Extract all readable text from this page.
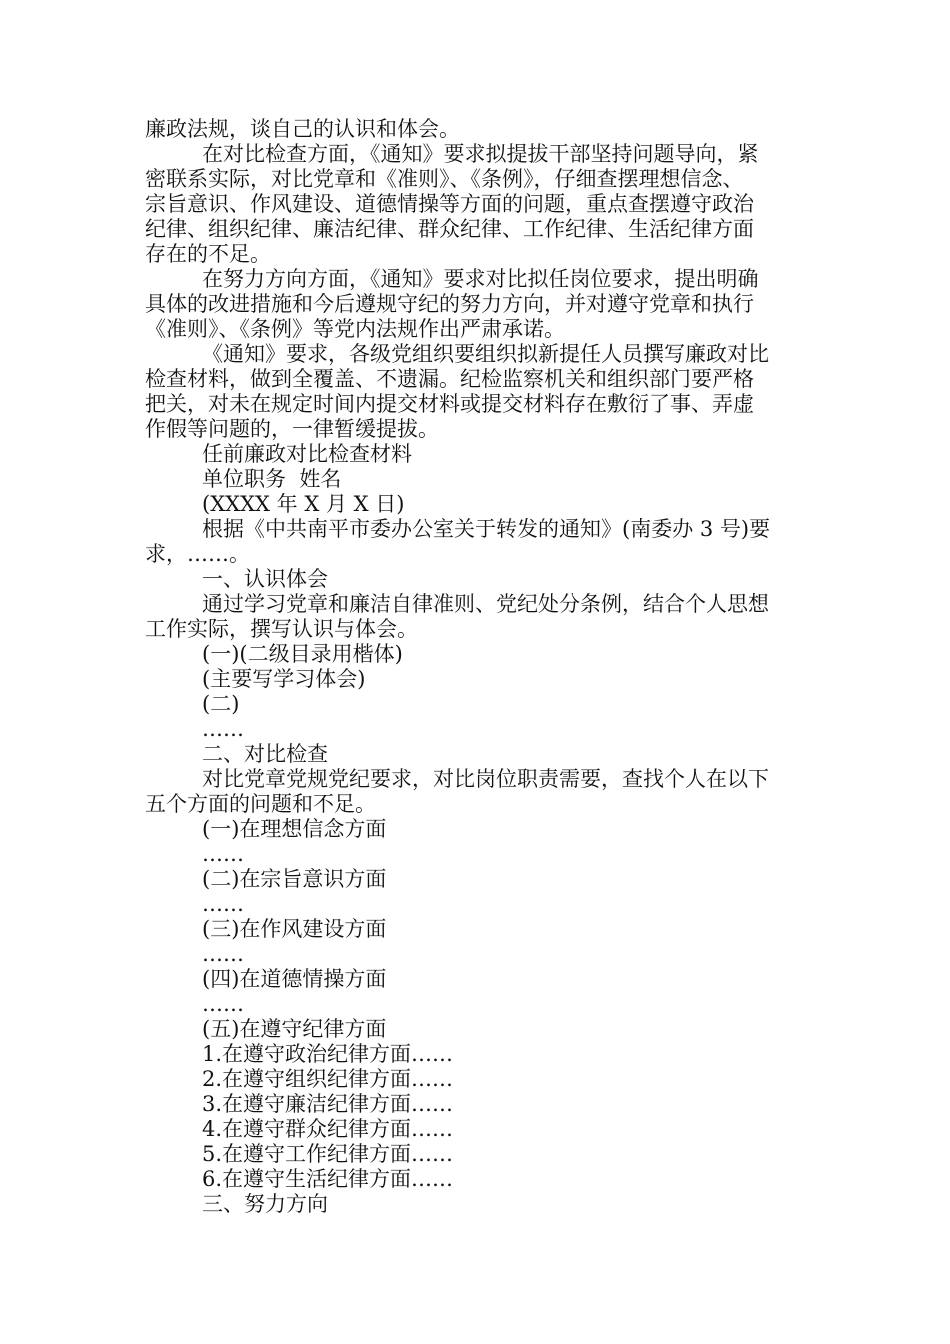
廉政法规，谈自己的认识和体会。
在对比检查方面，《通知》要求拟提拔干部坚持问题导向，紧
密联系实际，对比党章和《准则》、《条例》，仔细查摆理想信念、
宗旨意识、作风建设、道德情操等方面的问题，重点查摆遵守政治
纪律、组织纪律、廉洁纪律、群众纪律、工作纪律、生活纪律方面
存在的不足。
在努力方向方面，《通知》要求对比拟任岗位要求，提出明确
具体的改进措施和今后遵规守纪的努力方向，并对遵守党章和执行
《准则》、《条例》等党内法规作出严肃承诺。
《通知》要求，各级党组织要组织拟新提任人员撰写廉政对比
检查材料，做到全覆盖、不遗漏。纪检监察机关和组织部门要严格
把关，对未在规定时间内提交材料或提交材料存在敷衍了事、弄虚
作假等问题的，一律暂缓提拔。
任前廉政对比检查材料
单位职务  姓名
(XXXX 年 X 月 X 日)
根据《中共南平市委办公室关于转发的通知》(南委办 3 号)要
求，……。
一、认识体会
通过学习党章和廉洁自律准则、党纪处分条例，结合个人思想
工作实际，撰写认识与体会。
(一)(二级目录用楷体)
(主要写学习体会)
(二)
……
二、对比检查
对比党章党规党纪要求，对比岗位职责需要，查找个人在以下
五个方面的问题和不足。
(一)在理想信念方面
……
(二)在宗旨意识方面
……
(三)在作风建设方面
……
(四)在道德情操方面
……
(五)在遵守纪律方面
1.在遵守政治纪律方面……
2.在遵守组织纪律方面……
3.在遵守廉洁纪律方面……
4.在遵守群众纪律方面……
5.在遵守工作纪律方面……
6.在遵守生活纪律方面……
三、努力方向
